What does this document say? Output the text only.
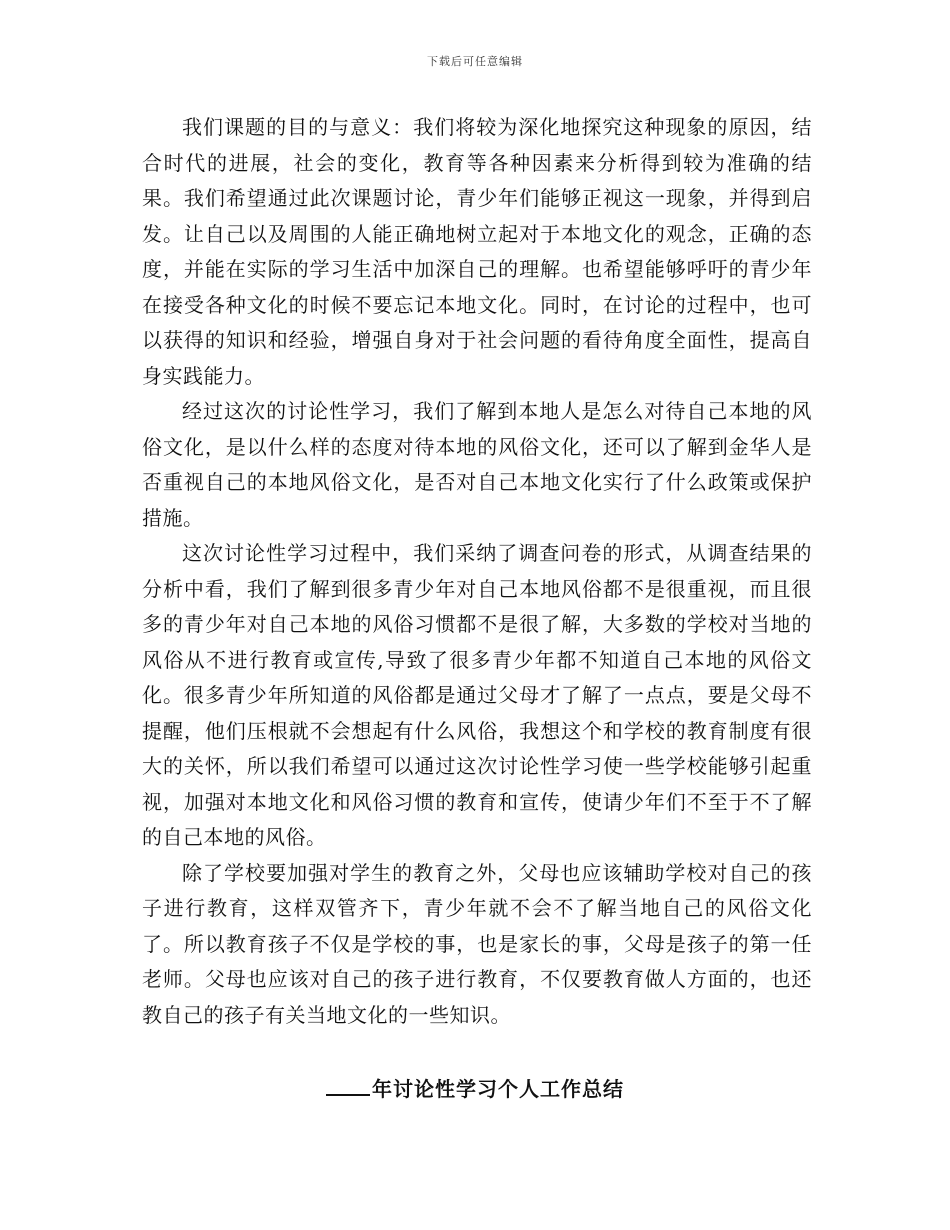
下载后可任意编辑

我们课题的目的与意义：我们将较为深化地探究这种现象的原因，结合时代的进展，社会的变化，教育等各种因素来分析得到较为准确的结果。我们希望通过此次课题讨论，青少年们能够正视这一现象，并得到启发。让自己以及周围的人能正确地树立起对于本地文化的观念，正确的态度，并能在实际的学习生活中加深自己的理解。也希望能够呼吁的青少年在接受各种文化的时候不要忘记本地文化。同时，在讨论的过程中，也可以获得的知识和经验，增强自身对于社会问题的看待角度全面性，提高自身实践能力。

经过这次的讨论性学习，我们了解到本地人是怎么对待自己本地的风俗文化，是以什么样的态度对待本地的风俗文化，还可以了解到金华人是否重视自己的本地风俗文化，是否对自己本地文化实行了什么政策或保护措施。

这次讨论性学习过程中，我们采纳了调查问卷的形式，从调查结果的分析中看，我们了解到很多青少年对自己本地风俗都不是很重视，而且很多的青少年对自己本地的风俗习惯都不是很了解，大多数的学校对当地的风俗从不进行教育或宣传,导致了很多青少年都不知道自己本地的风俗文化。很多青少年所知道的风俗都是通过父母才了解了一点点，要是父母不提醒，他们压根就不会想起有什么风俗，我想这个和学校的教育制度有很大的关怀，所以我们希望可以通过这次讨论性学习使一些学校能够引起重视，加强对本地文化和风俗习惯的教育和宣传，使请少年们不至于不了解的自己本地的风俗。

除了学校要加强对学生的教育之外，父母也应该辅助学校对自己的孩子进行教育，这样双管齐下，青少年就不会不了解当地自己的风俗文化了。所以教育孩子不仅是学校的事，也是家长的事，父母是孩子的第一任老师。父母也应该对自己的孩子进行教育，不仅要教育做人方面的，也还教自己的孩子有关当地文化的一些知识。

年讨论性学习个人工作总结
